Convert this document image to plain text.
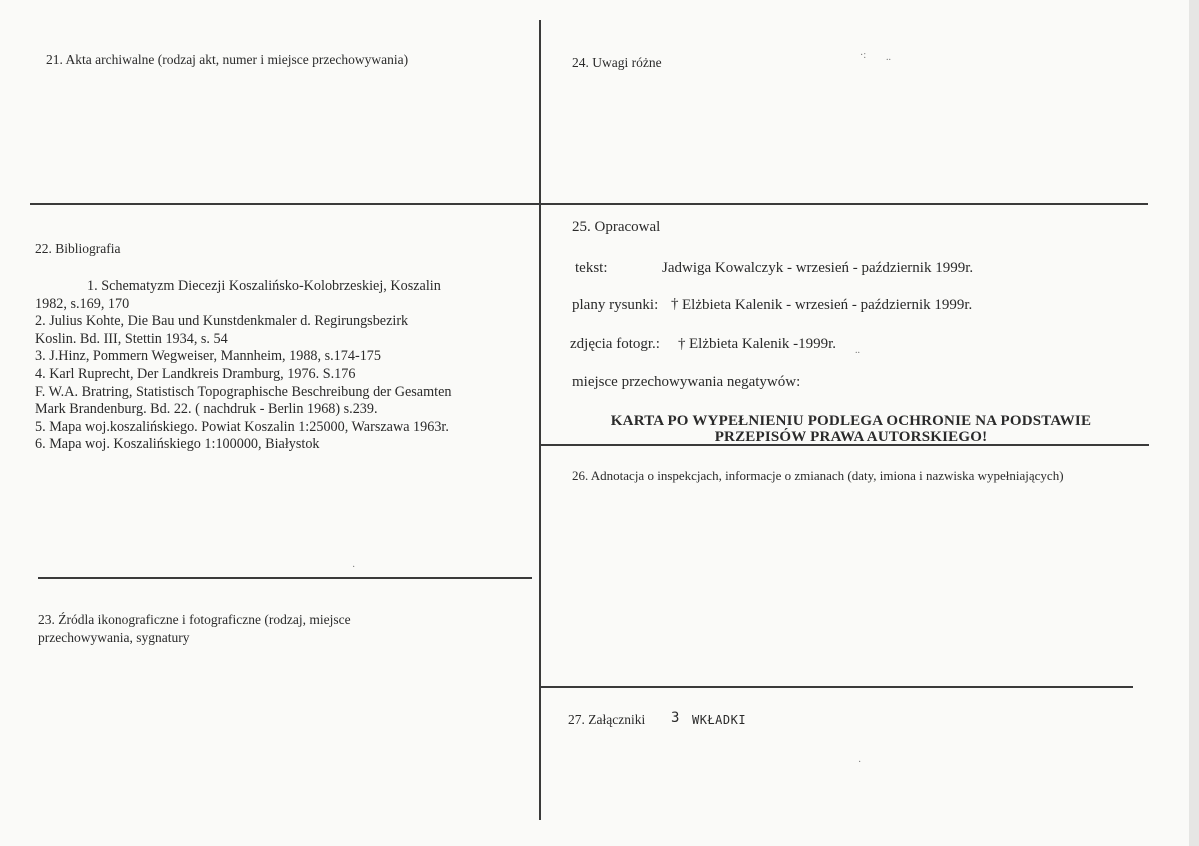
21. Akta archiwalne (rodzaj akt, numer i miejsce przechowywania)	24. Uwagi różne
22. Bibliografia
1. Schematyzm Diecezji Koszalińsko-Kolobrzeskiej, Koszalin
1982, s.169, 170
2. Julius Kohte, Die Bau und Kunstdenkmaler d. Regirungsbezirk
Koslin. Bd. III, Stettin 1934, s. 54
3. J.Hinz, Pommern Wegweiser, Mannheim, 1988, s.174-175
4. Karl Ruprecht, Der Landkreis Dramburg, 1976. S.176
F. W.A. Bratring, Statistisch Topographische Beschreibung der Gesamten
Mark Brandenburg. Bd. 22. ( nachdruk - Berlin 1968) s.239.
5. Mapa woj.koszalińskiego. Powiat Koszalin 1:25000, Warszawa 1963r.
6. Mapa woj. Koszalińskiego 1:100000, Białystok
23. Źródla ikonograficzne i fotograficzne (rodzaj, miejsce
przechowywania, sygnatury
25. Opracowal
tekst:	Jadwiga Kowalczyk - wrzesień - październik 1999r.
plany rysunki: † Elżbieta Kalenik - wrzesień - październik 1999r.
zdjęcia fotogr.: † Elżbieta Kalenik -1999r.
miejsce przechowywania negatywów:
KARTA PO WYPEŁNIENIU PODLEGA OCHRONIE NA PODSTAWIE
PRZEPISÓW PRAWA AUTORSKIEGO!
26. Adnotacja o inspekcjach, informacje o zmianach (daty, imiona i nazwiska wypełniających)
27. Załączniki 3 WKŁADKI
·: ..
·
..
·
